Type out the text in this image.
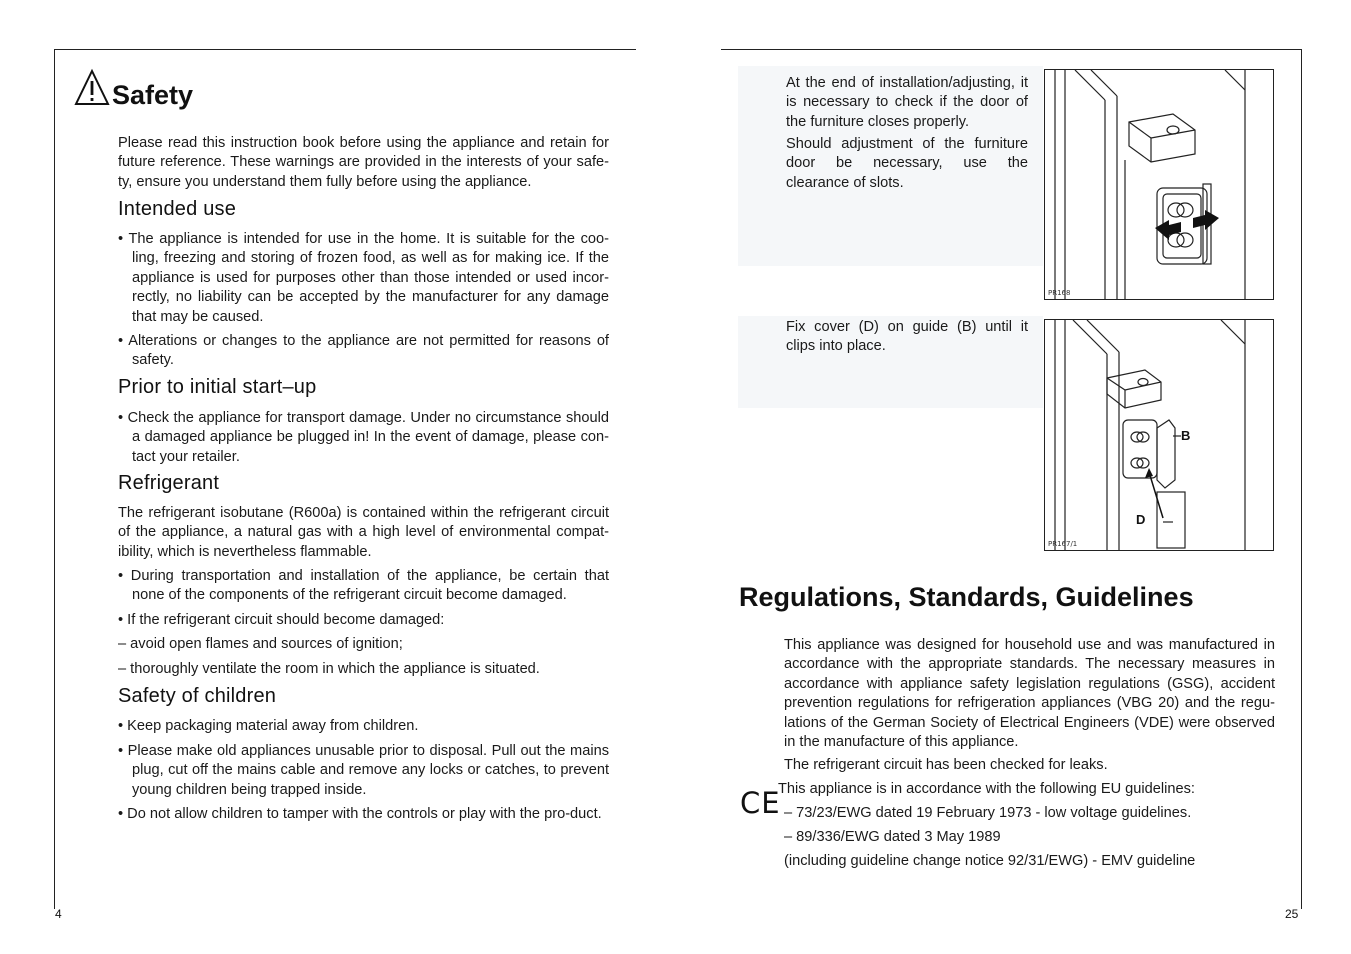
Safety

Please read this instruction book before using the appliance and retain for future reference. These warnings are provided in the interests of your safe-ty, ensure you understand them fully before using the appliance.

Intended use

• The appliance is intended for use in the home. It is suitable for the coo-ling, freezing and storing of frozen food, as well as for making ice. If the appliance is used for purposes other than those intended or used incor-rectly, no liability can be accepted by the manufacturer for any damage that may be caused.

• Alterations or changes to the appliance are not permitted for reasons of safety.

Prior to initial start–up

• Check the appliance for transport damage. Under no circumstance should a damaged appliance be plugged in! In the event of damage, please con-tact your retailer.

Refrigerant

The refrigerant isobutane (R600a) is contained within the refrigerant circuit of the appliance, a natural gas with a high level of environmental compat-ibility, which is nevertheless flammable.

• During transportation and installation of the appliance, be certain that none of the components of the refrigerant circuit become damaged.

• If the refrigerant circuit should become damaged:

– avoid open flames and sources of ignition;

– thoroughly ventilate the room in which the appliance is situated.

Safety of children

• Keep packaging material away from children.

• Please make old appliances unusable prior to disposal. Pull out the mains plug, cut off the mains cable and remove any locks or catches, to prevent young children being trapped inside.

• Do not allow children to tamper with the controls or play with the pro-duct.

4

At the end of installation/adjusting, it is necessary to check if the door of the furniture closes properly.

Should adjustment of the furniture door be necessary, use the clearance of slots.

PR168

Fix cover (D) on guide (B) until it clips into place.

B
D
PR167/1
Regulations, Standards, Guidelines

This appliance was designed for household use and was manufactured in accordance with the appropriate standards. The necessary measures in accordance with appliance safety legislation regulations (GSG), accident prevention regulations for refrigeration appliances (VBG 20) and the regu-lations of the German Society of Electrical Engineers (VDE) were observed in the manufacture of this appliance.

The refrigerant circuit has been checked for leaks.

CE

This appliance is in accordance with the following EU guidelines:

– 73/23/EWG dated 19 February 1973 - low voltage guidelines.

– 89/336/EWG dated 3 May 1989

(including guideline change notice 92/31/EWG) - EMV guideline

25
